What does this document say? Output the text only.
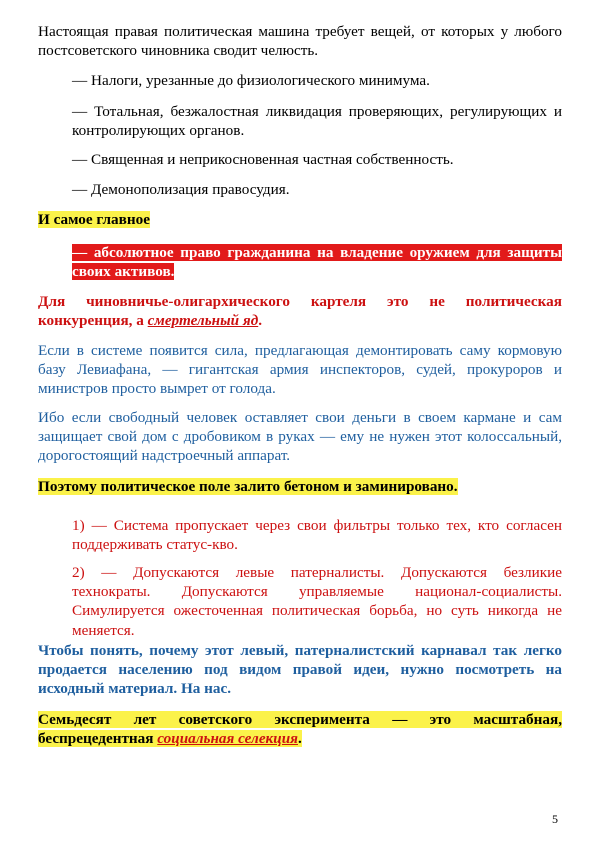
Настоящая правая политическая машина требует вещей, от которых у любого постсоветского чиновника сводит челюсть.

— Налоги, урезанные до физиологического минимума.

— Тотальная, безжалостная ликвидация проверяющих, регулирующих и контролирующих органов.

— Священная и неприкосновенная частная собственность.

— Демонополизация правосудия.

И самое главное

— абсолютное право гражданина на владение оружием для защиты своих активов.

Для чиновничье-олигархического картеля это не политическая конкуренция, а смертельный яд.

Если в системе появится сила, предлагающая демонтировать саму кормовую базу Левиафана, — гигантская армия инспекторов, судей, прокуроров и министров просто вымрет от голода.

Ибо если свободный человек оставляет свои деньги в своем кармане и сам защищает свой дом с дробовиком в руках — ему не нужен этот колоссальный, дорогостоящий надстроечный аппарат.

Поэтому политическое поле залито бетоном и заминировано.

1) — Система пропускает через свои фильтры только тех, кто согласен поддерживать статус-кво.

2) — Допускаются левые патерналисты. Допускаются безликие технократы. Допускаются управляемые национал-социалисты. Симулируется ожесточенная политическая борьба, но суть никогда не меняется.

Чтобы понять, почему этот левый, патерналистский карнавал так легко продается населению под видом правой идеи, нужно посмотреть на исходный материал. На нас.

Семьдесят лет советского эксперимента — это масштабная, беспрецедентная социальная селекция.

5
